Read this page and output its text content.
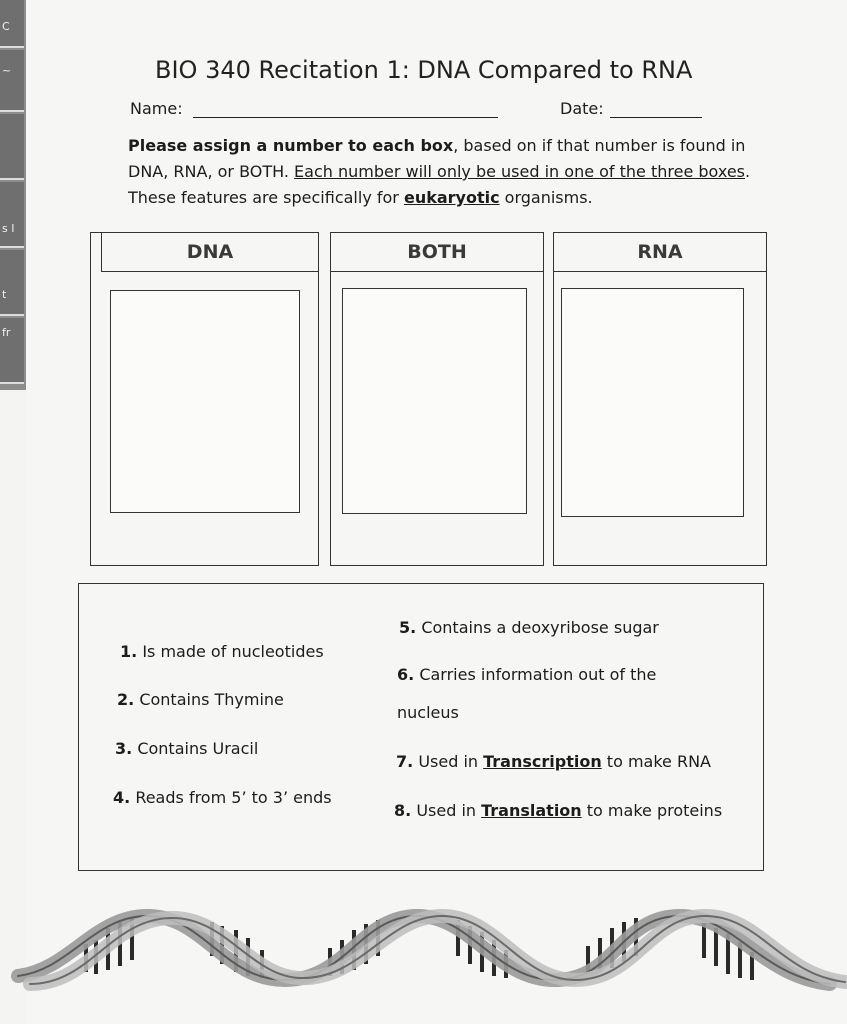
C
~
s I
t
fr
BIO 340 Recitation 1: DNA Compared to RNA
Name:	Date:
Please assign a number to each box, based on if that number is found in DNA, RNA, or BOTH. Each number will only be used in one of the three boxes. These features are specifically for eukaryotic organisms.
DNA	BOTH	RNA
1. Is made of nucleotides
2. Contains Thymine
3. Contains Uracil
4. Reads from 5’ to 3’ ends
5. Contains a deoxyribose sugar
6. Carries information out of the
nucleus
7. Used in Transcription to make RNA
8. Used in Translation to make proteins
